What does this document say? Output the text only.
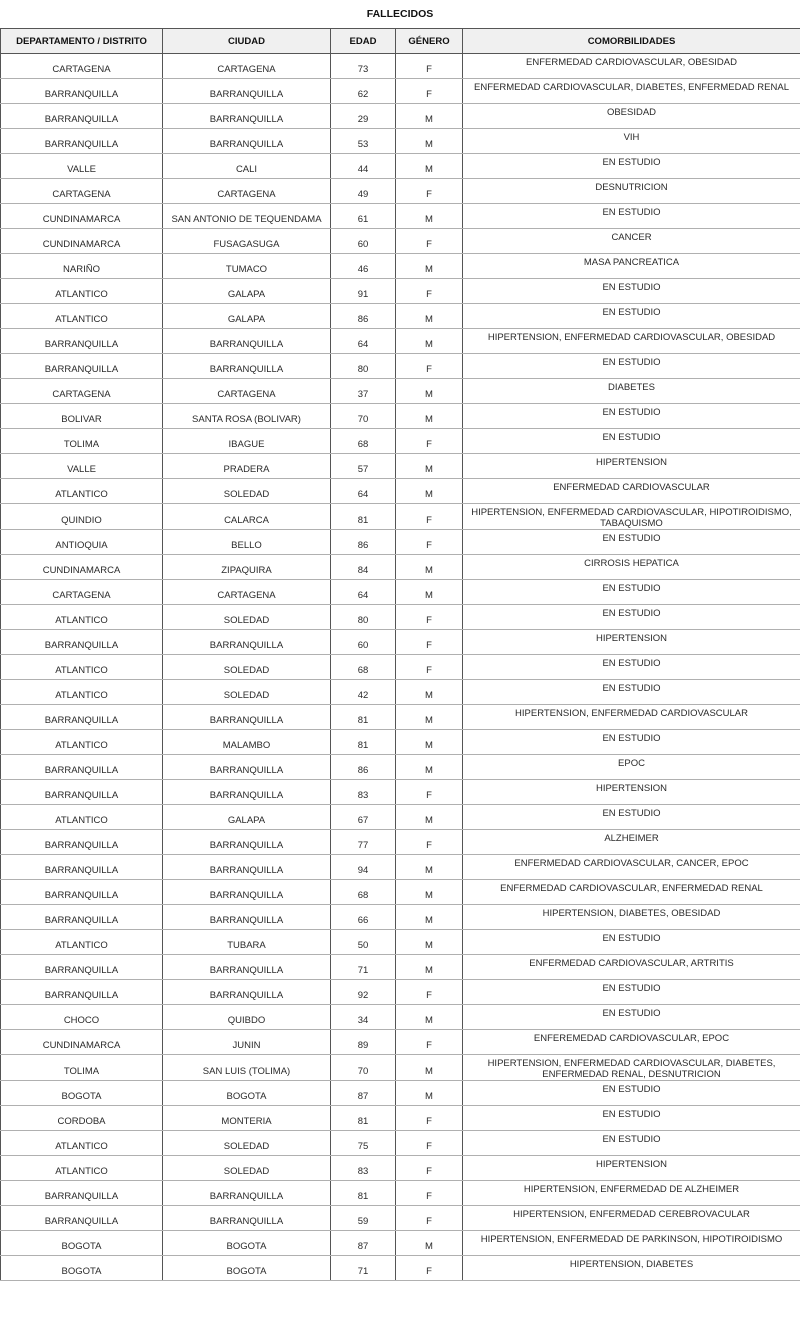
FALLECIDOS
DEPARTAMENTO / DISTRITO	CIUDAD	EDAD	GÉNERO	COMORBILIDADES
CARTAGENA	CARTAGENA	73	F	ENFERMEDAD CARDIOVASCULAR, OBESIDAD
BARRANQUILLA	BARRANQUILLA	62	F	ENFERMEDAD CARDIOVASCULAR, DIABETES, ENFERMEDAD RENAL
BARRANQUILLA	BARRANQUILLA	29	M	OBESIDAD
BARRANQUILLA	BARRANQUILLA	53	M	VIH
VALLE	CALI	44	M	EN ESTUDIO
CARTAGENA	CARTAGENA	49	F	DESNUTRICION
CUNDINAMARCA	SAN ANTONIO DE TEQUENDAMA	61	M	EN ESTUDIO
CUNDINAMARCA	FUSAGASUGA	60	F	CANCER
NARIÑO	TUMACO	46	M	MASA PANCREATICA
ATLANTICO	GALAPA	91	F	EN ESTUDIO
ATLANTICO	GALAPA	86	M	EN ESTUDIO
BARRANQUILLA	BARRANQUILLA	64	M	HIPERTENSION, ENFERMEDAD CARDIOVASCULAR, OBESIDAD
BARRANQUILLA	BARRANQUILLA	80	F	EN ESTUDIO
CARTAGENA	CARTAGENA	37	M	DIABETES
BOLIVAR	SANTA ROSA (BOLIVAR)	70	M	EN ESTUDIO
TOLIMA	IBAGUE	68	F	EN ESTUDIO
VALLE	PRADERA	57	M	HIPERTENSION
ATLANTICO	SOLEDAD	64	M	ENFERMEDAD CARDIOVASCULAR
QUINDIO	CALARCA	81	F	HIPERTENSION, ENFERMEDAD CARDIOVASCULAR, HIPOTIROIDISMO, TABAQUISMO
ANTIOQUIA	BELLO	86	F	EN ESTUDIO
CUNDINAMARCA	ZIPAQUIRA	84	M	CIRROSIS HEPATICA
CARTAGENA	CARTAGENA	64	M	EN ESTUDIO
ATLANTICO	SOLEDAD	80	F	EN ESTUDIO
BARRANQUILLA	BARRANQUILLA	60	F	HIPERTENSION
ATLANTICO	SOLEDAD	68	F	EN ESTUDIO
ATLANTICO	SOLEDAD	42	M	EN ESTUDIO
BARRANQUILLA	BARRANQUILLA	81	M	HIPERTENSION, ENFERMEDAD CARDIOVASCULAR
ATLANTICO	MALAMBO	81	M	EN ESTUDIO
BARRANQUILLA	BARRANQUILLA	86	M	EPOC
BARRANQUILLA	BARRANQUILLA	83	F	HIPERTENSION
ATLANTICO	GALAPA	67	M	EN ESTUDIO
BARRANQUILLA	BARRANQUILLA	77	F	ALZHEIMER
BARRANQUILLA	BARRANQUILLA	94	M	ENFERMEDAD CARDIOVASCULAR, CANCER, EPOC
BARRANQUILLA	BARRANQUILLA	68	M	ENFERMEDAD CARDIOVASCULAR, ENFERMEDAD RENAL
BARRANQUILLA	BARRANQUILLA	66	M	HIPERTENSION, DIABETES, OBESIDAD
ATLANTICO	TUBARA	50	M	EN ESTUDIO
BARRANQUILLA	BARRANQUILLA	71	M	ENFERMEDAD CARDIOVASCULAR, ARTRITIS
BARRANQUILLA	BARRANQUILLA	92	F	EN ESTUDIO
CHOCO	QUIBDO	34	M	EN ESTUDIO
CUNDINAMARCA	JUNIN	89	F	ENFEREMEDAD CARDIOVASCULAR, EPOC
TOLIMA	SAN LUIS (TOLIMA)	70	M	HIPERTENSION, ENFERMEDAD CARDIOVASCULAR, DIABETES, ENFERMEDAD RENAL, DESNUTRICION
BOGOTA	BOGOTA	87	M	EN ESTUDIO
CORDOBA	MONTERIA	81	F	EN ESTUDIO
ATLANTICO	SOLEDAD	75	F	EN ESTUDIO
ATLANTICO	SOLEDAD	83	F	HIPERTENSION
BARRANQUILLA	BARRANQUILLA	81	F	HIPERTENSION, ENFERMEDAD DE ALZHEIMER
BARRANQUILLA	BARRANQUILLA	59	F	HIPERTENSION, ENFERMEDAD CEREBROVACULAR
BOGOTA	BOGOTA	87	M	HIPERTENSION, ENFERMEDAD DE PARKINSON, HIPOTIROIDISMO
BOGOTA	BOGOTA	71	F	HIPERTENSION, DIABETES
